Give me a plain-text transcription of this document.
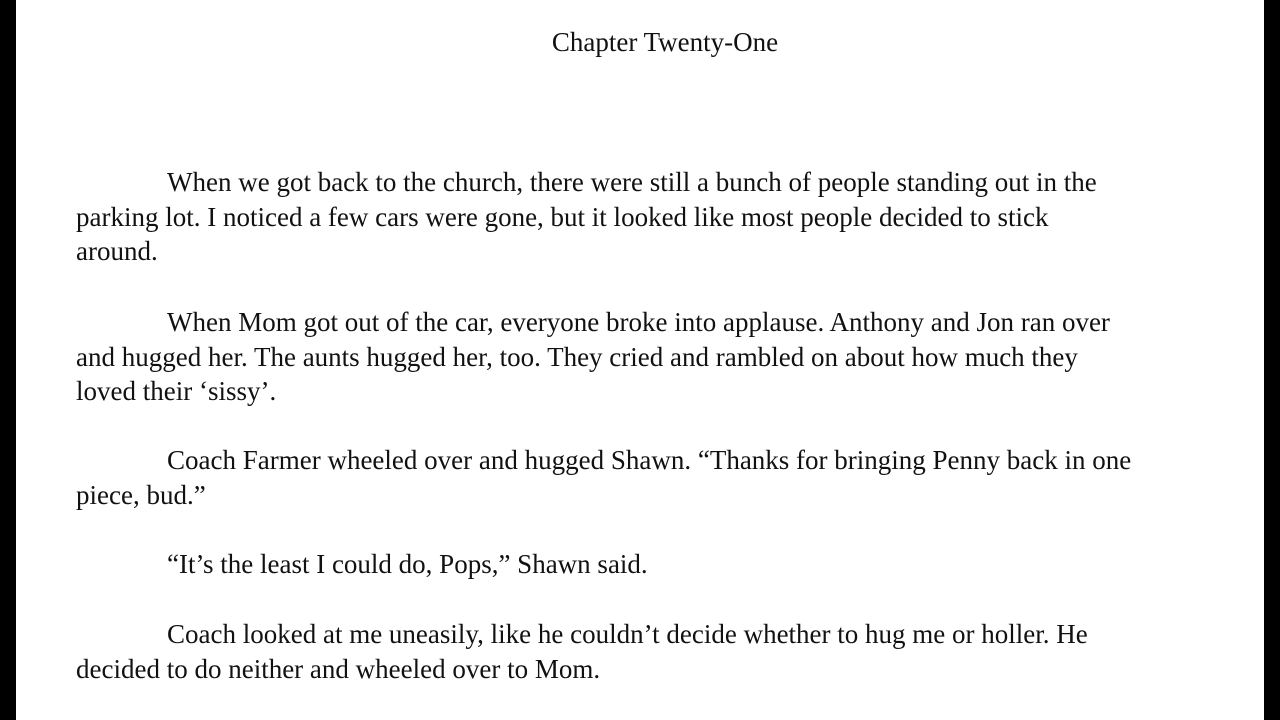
Chapter Twenty-One
When we got back to the church, there were still a bunch of people standing out in the
parking lot. I noticed a few cars were gone, but it looked like most people decided to stick
around.
When Mom got out of the car, everyone broke into applause. Anthony and Jon ran over
and hugged her. The aunts hugged her, too. They cried and rambled on about how much they
loved their ‘sissy’.
Coach Farmer wheeled over and hugged Shawn. “Thanks for bringing Penny back in one
piece, bud.”
“It’s the least I could do, Pops,” Shawn said.
Coach looked at me uneasily, like he couldn’t decide whether to hug me or holler. He
decided to do neither and wheeled over to Mom.
